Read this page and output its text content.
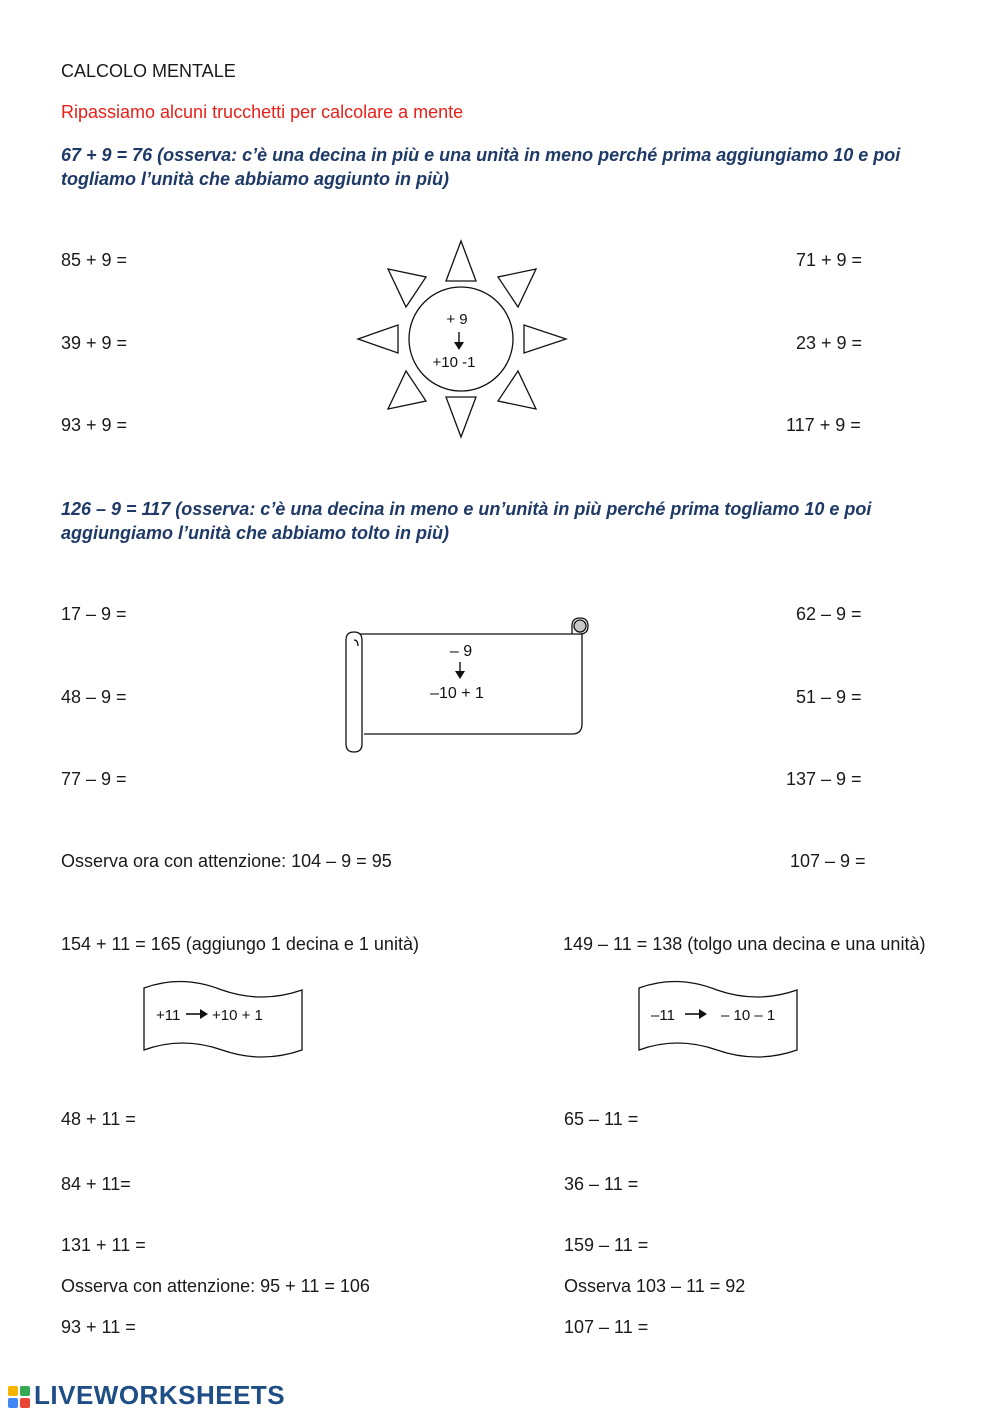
CALCOLO MENTALE
Ripassiamo alcuni trucchetti per calcolare a mente
67 + 9 = 76 (osserva: c’è una decina in più e una unità in meno perché prima aggiungiamo 10 e poi togliamo l’unità che abbiamo aggiunto in più)
85 + 9 =
39 + 9 =
93 + 9 =
71 + 9 =
23 + 9 =
117 + 9 =
+ 9
+10 -1
126 – 9 = 117 (osserva: c’è una decina in meno e un’unità in più perché prima togliamo 10 e poi aggiungiamo l’unità che abbiamo tolto in più)
17 – 9 =
48 – 9 =
77 – 9 =
62 – 9 =
51 – 9 =
137 – 9 =
– 9
–10 + 1
Osserva ora con attenzione: 104 – 9 = 95	107 – 9 =
154 + 11 = 165 (aggiungo 1 decina e 1 unità)	149 – 11 = 138 (tolgo una decina e una unità)
+11 +10 + 1	–11	– 10 – 1
48 + 11 =
84 + 11=
131 + 11 =
65 – 11 =
36 – 11 =
159 – 11 =
Osserva con attenzione: 95 + 11 = 106	Osserva 103 – 11 = 92
93 + 11 =	107 – 11 =
LIVEWORKSHEETS
